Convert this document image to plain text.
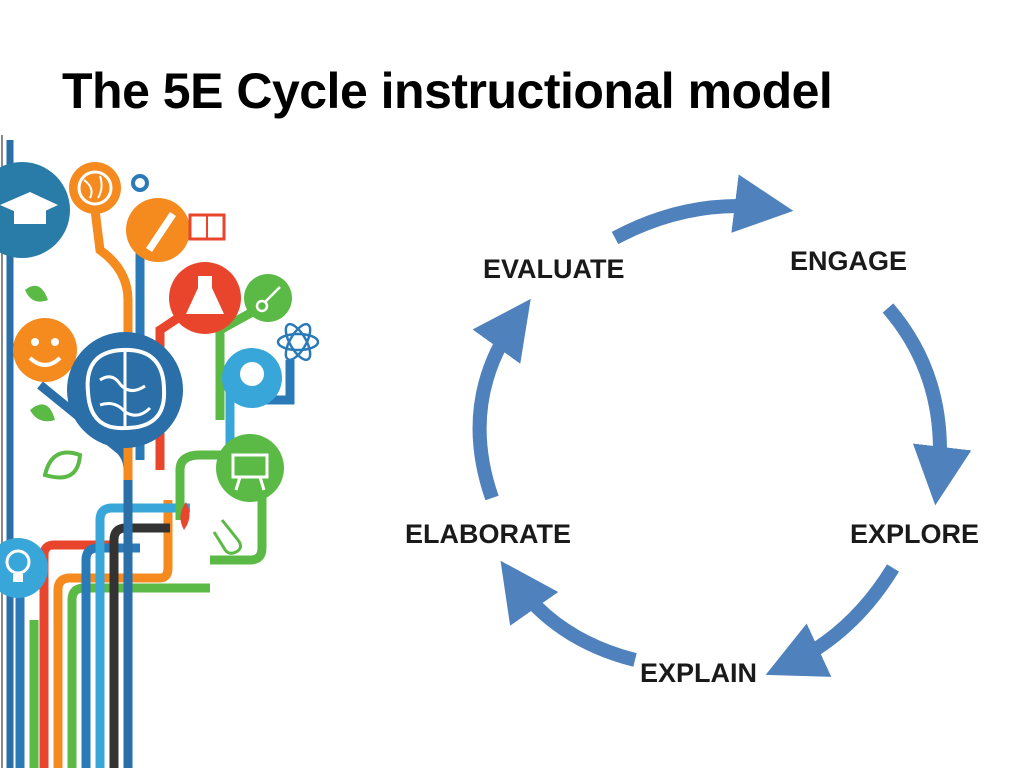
The 5E Cycle instructional model
EVALUATE	ENGAGE
EXPLORE
EXPLAIN
ELABORATE
